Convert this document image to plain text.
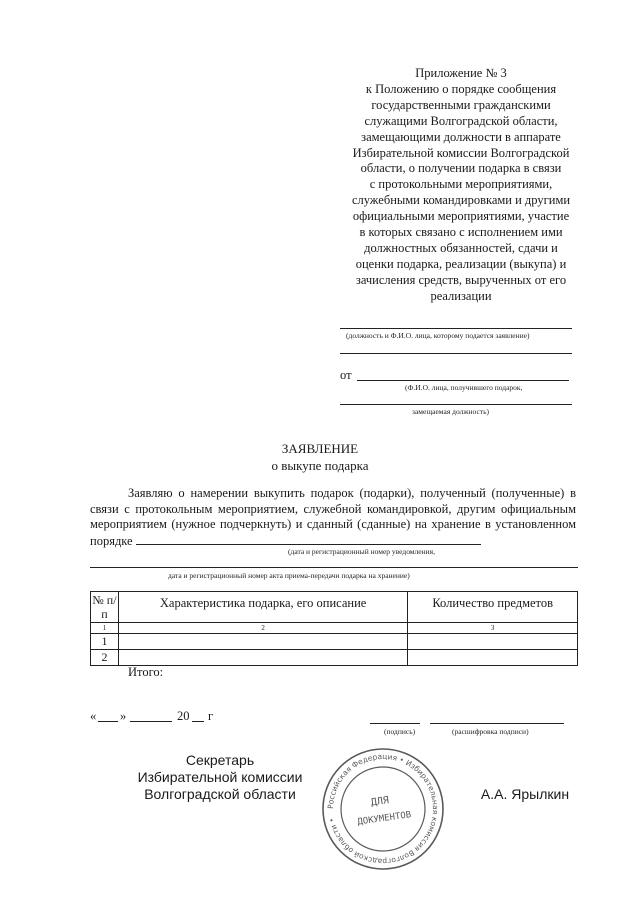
Приложение № 3
к Положению о порядке сообщения
государственными гражданскими
служащими Волгоградской области,
замещающими должности в аппарате
Избирательной комиссии Волгоградской
области, о получении подарка в связи
с протокольными мероприятиями,
служебными командировками и другими
официальными мероприятиями, участие
в которых связано с исполнением ими
должностных обязанностей, сдачи и
оценки подарка, реализации (выкупа) и
зачисления средств, вырученных от его
реализации
(должность и Ф.И.О. лица, которому подается заявление)
от
(Ф.И.О. лица, получившего подарок,
замещаемая должность)
ЗАЯВЛЕНИЕ
о выкупе подарка
Заявляю о намерении выкупить подарок (подарки), полученный (полученные) в связи с протокольным мероприятием, служебной командировкой, другим официальным мероприятием (нужное подчеркнуть) и сданный (сданные) на хранение в установленном порядке
(дата и регистрационный номер уведомления,
дата и регистрационный номер акта приема-передачи подарка на хранение)
№ п/п	Характеристика подарка, его описание	Количество предметов
1	2	3
1		
2		
Итого:
« »	20 г
(подпись)	(расшифровка подписи)
Секретарь
Избирательной комиссии
Волгоградской области	А.А. Ярылкин
Российская Федерация • Избирательная комиссия Волгоградской области •
ДЛЯ
ДОКУМЕНТОВ
